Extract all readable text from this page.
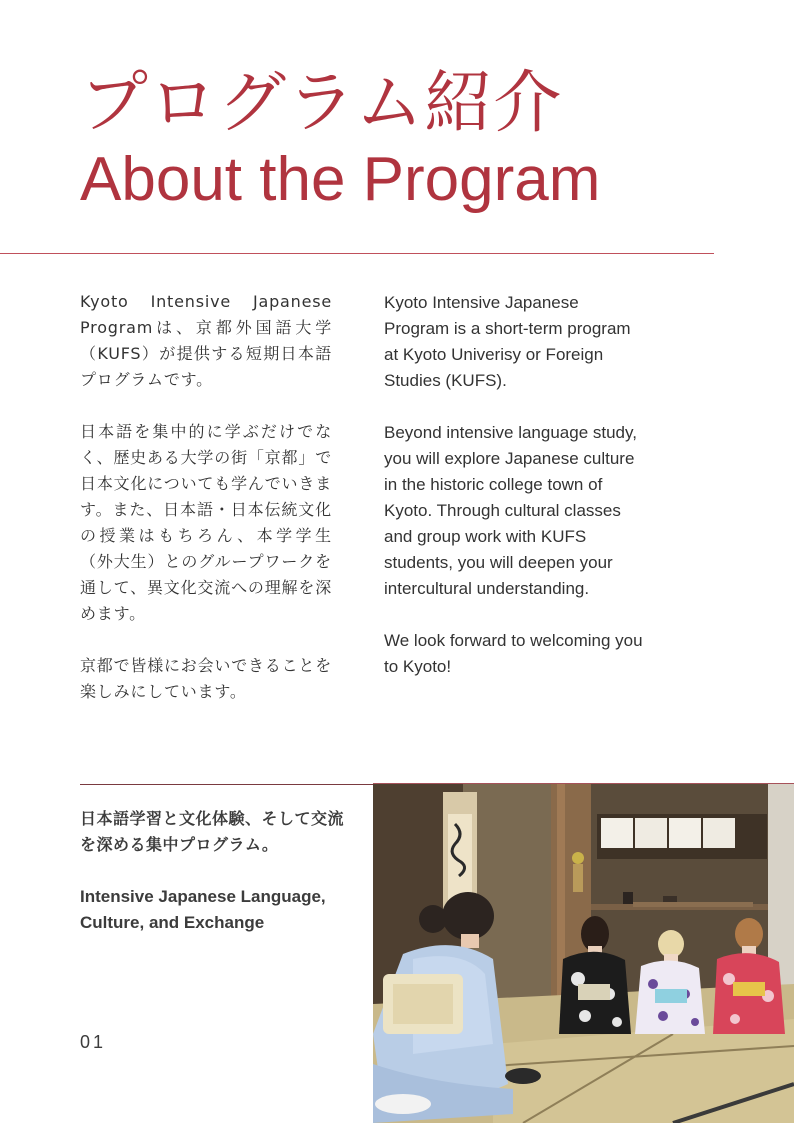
プログラム紹介
About the Program

Kyoto Intensive Japanese Programは、京都外国語大学（KUFS）が提供する短期日本語プログラムです。

日本語を集中的に学ぶだけでなく、歴史ある大学の街「京都」で日本文化についても学んでいきます。また、日本語・日本伝統文化の授業はもちろん、本学学生（外大生）とのグループワークを通して、異文化交流への理解を深めます。

京都で皆様にお会いできることを楽しみにしています。

Kyoto Intensive Japanese Program is a short-term program at Kyoto Univerisy or Foreign Studies (KUFS).

Beyond intensive language study, you will explore Japanese culture in the historic college town of Kyoto. Through cultural classes and group work with KUFS students, you will deepen your intercultural understanding.

We look forward to welcoming you to Kyoto!

日本語学習と文化体験、そして交流を深める集中プログラム。
Intensive Japanese Language, Culture, and Exchange
01
